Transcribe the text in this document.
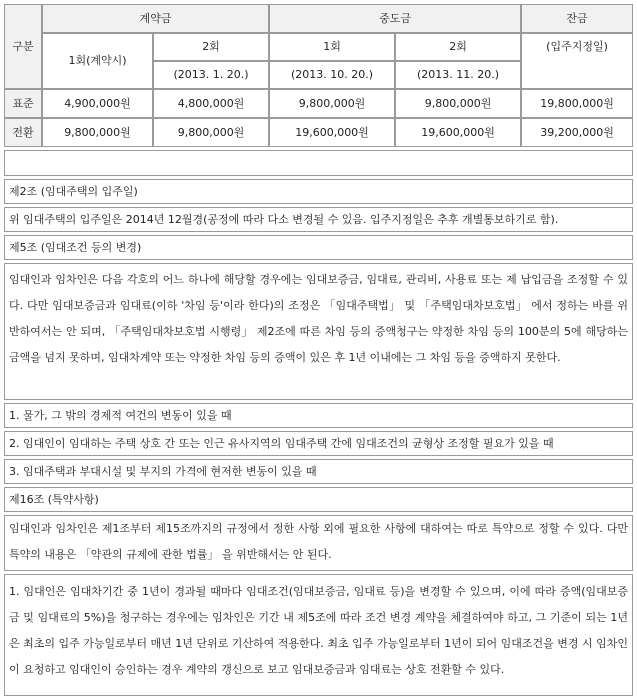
구분	계약금		중도금		잔금
	1회(계약시)	2회	1회	2회	(입주지정일)
		(2013. 1. 20.)	(2013. 10. 20.)	(2013. 11. 20.)	
표준	4,900,000원	4,800,000원	9,800,000원	9,800,000원	19,800,000원
전환	9,800,000원	9,800,000원	19,600,000원	19,600,000원	39,200,000원
제2조 (임대주택의 입주일)
위 임대주택의 입주일은 2014년 12월경(공정에 따라 다소 변경될 수 있음. 입주지정일은 추후 개별통보하기로 함).
제5조 (임대조건 등의 변경)
임대인과 임차인은 다음 각호의 어느 하나에 해당할 경우에는 임대보증금, 임대료, 관리비, 사용료 또는 제 납입금을 조정할 수 있다. 다만 임대보증금과 임대료(이하 '차임 등'이라 한다)의 조정은 「임대주택법」 및 「주택임대차보호법」 에서 정하는 바를 위반하여서는 안 되며, 「주택임대차보호법 시행령」 제2조에 따른 차임 등의 증액청구는 약정한 차임 등의 100분의 5에 해당하는 금액을 넘지 못하며, 임대차계약 또는 약정한 차임 등의 증액이 있은 후 1년 이내에는 그 차임 등을 증액하지 못한다.
1. 물가, 그 밖의 경제적 여건의 변동이 있을 때
2. 임대인이 임대하는 주택 상호 간 또는 인근 유사지역의 임대주택 간에 임대조건의 균형상 조정할 필요가 있을 때
3. 임대주택과 부대시설 및 부지의 가격에 현저한 변동이 있을 때
제16조 (특약사항)
임대인과 임차인은 제1조부터 제15조까지의 규정에서 정한 사항 외에 필요한 사항에 대하여는 따로 특약으로 정할 수 있다. 다만 특약의 내용은 「약관의 규제에 관한 법률」 을 위반해서는 안 된다.
1. 임대인은 임대차기간 중 1년이 경과될 때마다 임대조건(임대보증금, 임대료 등)을 변경할 수 있으며, 이에 따라 증액(임대보증금 및 임대료의 5%)을 청구하는 경우에는 임차인은 기간 내 제5조에 따라 조건 변경 계약을 체결하여야 하고, 그 기준이 되는 1년은 최초의 입주 가능일로부터 매년 1년 단위로 기산하여 적용한다. 최초 입주 가능일로부터 1년이 되어 임대조건을 변경 시 임차인이 요청하고 임대인이 승인하는 경우 계약의 갱신으로 보고 임대보증금과 임대료는 상호 전환할 수 있다.
